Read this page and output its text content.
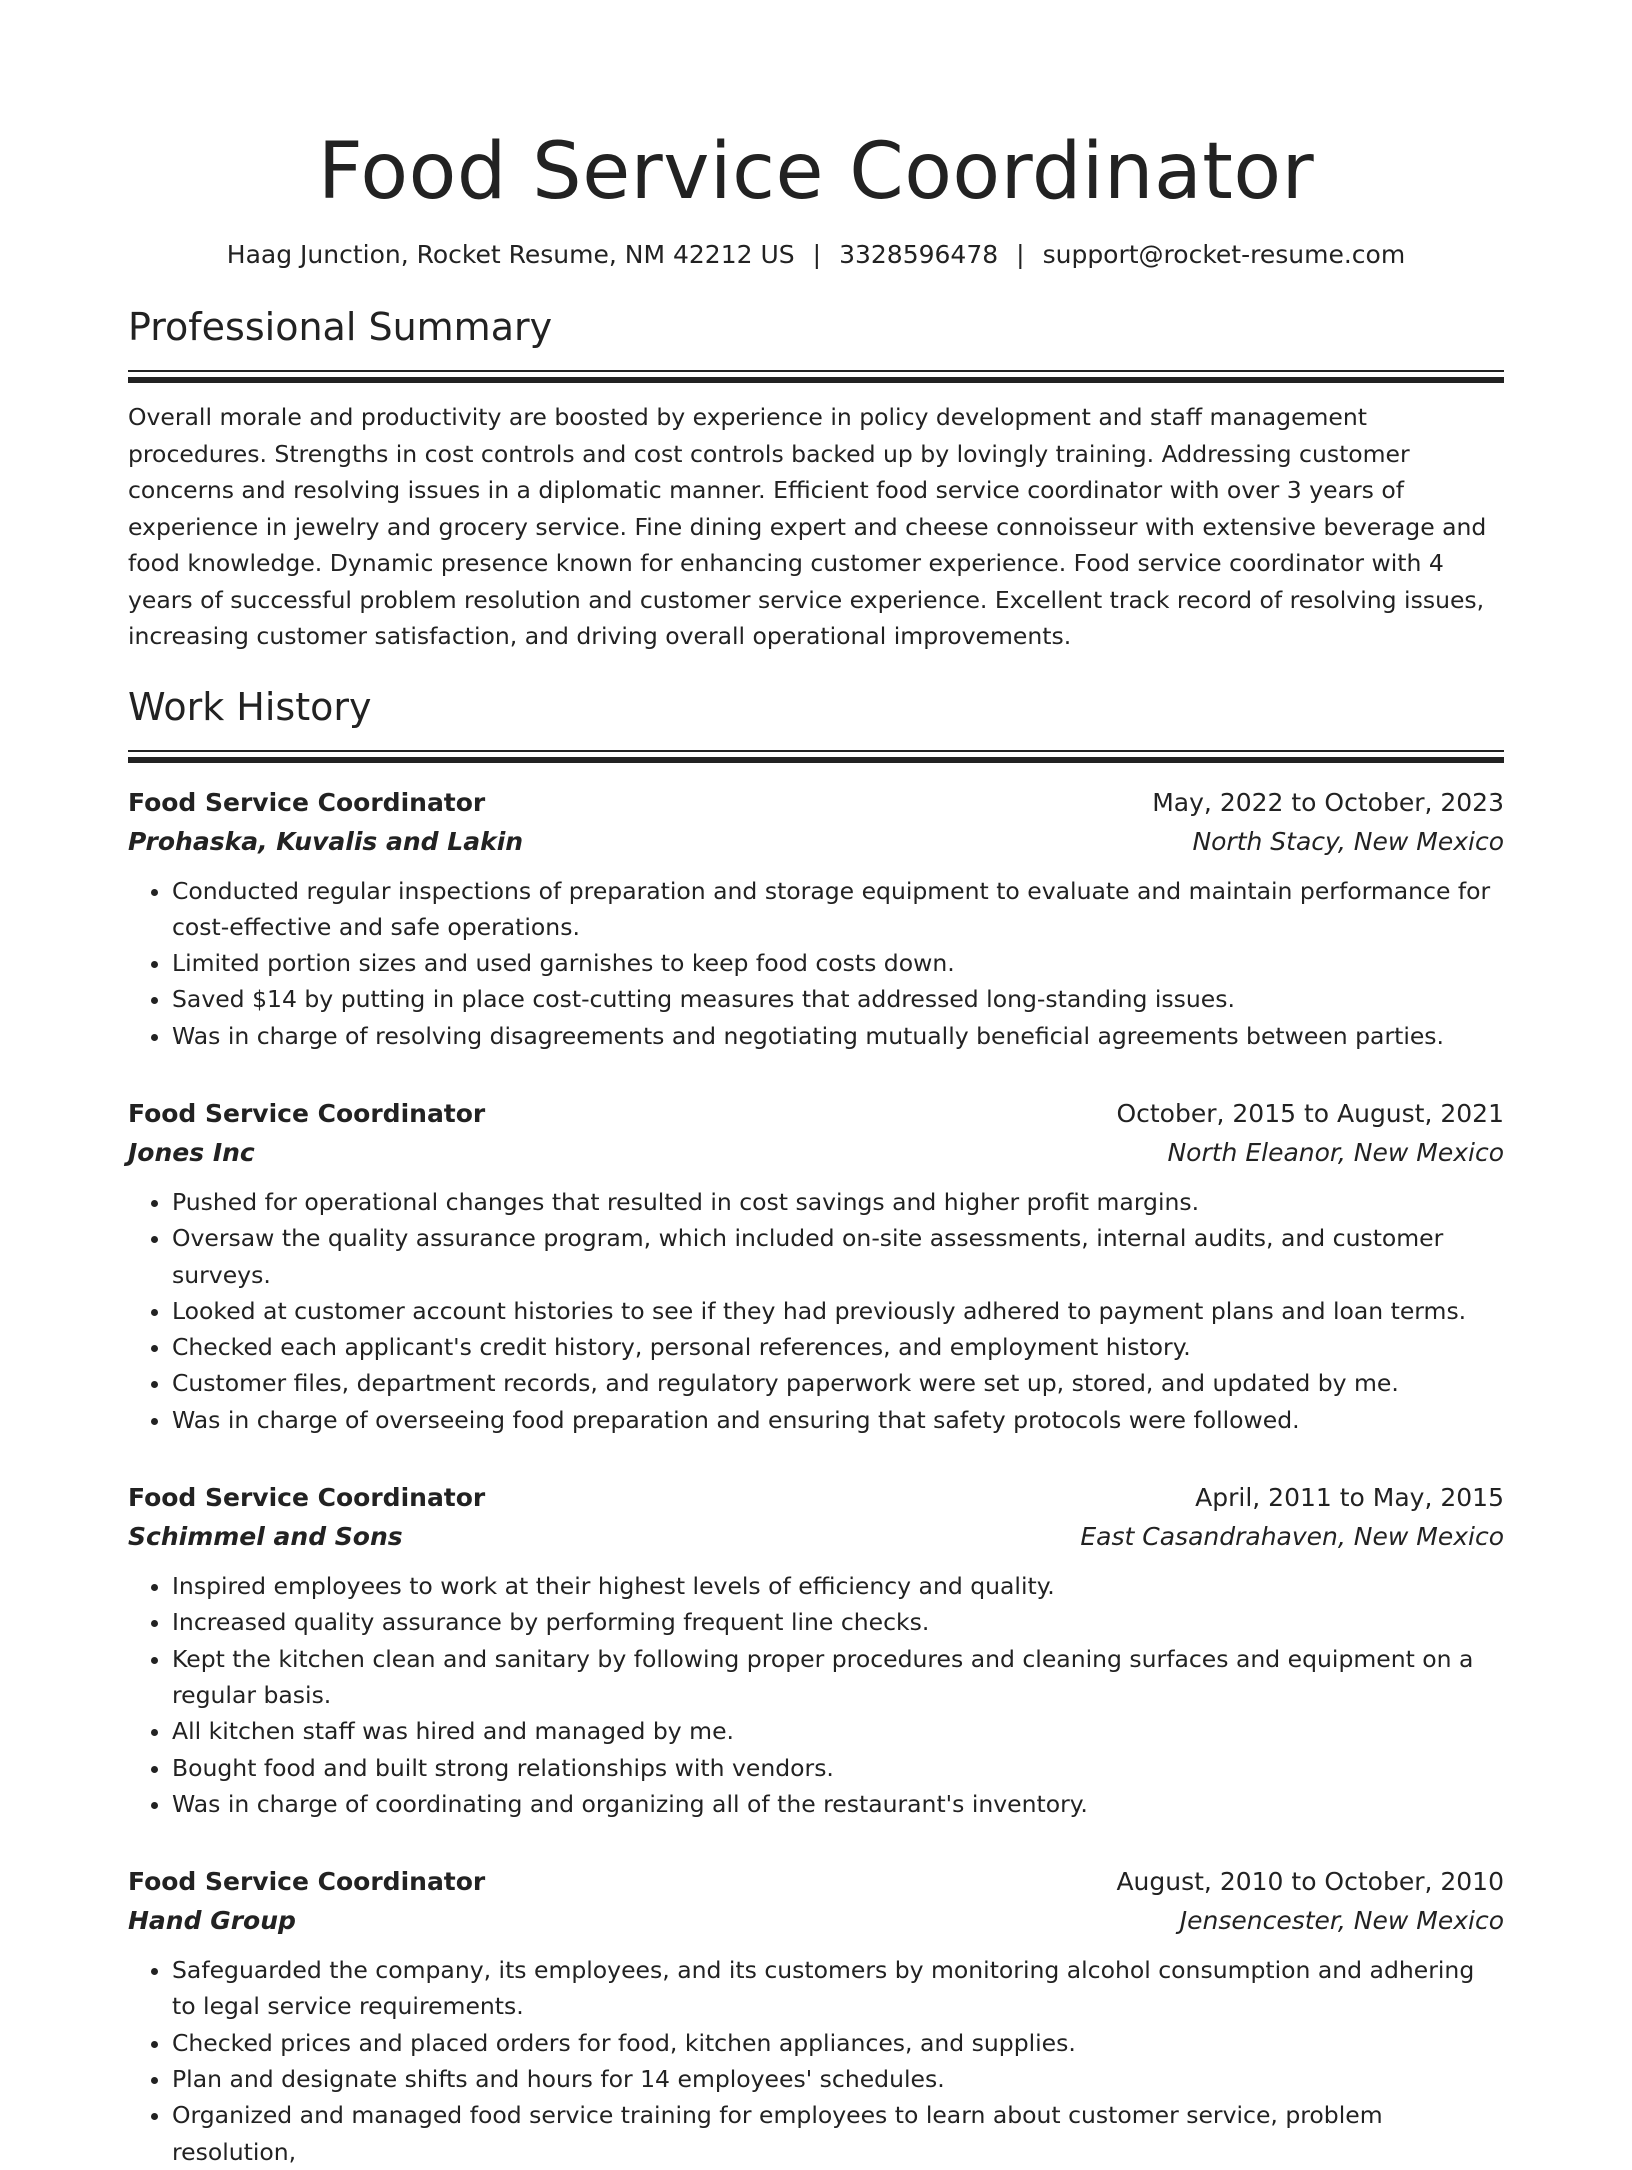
Food Service Coordinator
Haag Junction, Rocket Resume, NM 42212 US | 3328596478 | support@rocket-resume.com
Professional Summary

Overall morale and productivity are boosted by experience in policy development and staff management procedures. Strengths in cost controls and cost controls backed up by lovingly training. Addressing customer concerns and resolving issues in a diplomatic manner. Efficient food service coordinator with over 3 years of experience in jewelry and grocery service. Fine dining expert and cheese connoisseur with extensive beverage and food knowledge. Dynamic presence known for enhancing customer experience. Food service coordinator with 4 years of successful problem resolution and customer service experience. Excellent track record of resolving issues, increasing customer satisfaction, and driving overall operational improvements.

Work History
Food Service Coordinator	May, 2022 to October, 2023
Prohaska, Kuvalis and Lakin	North Stacy, New Mexico
• Conducted regular inspections of preparation and storage equipment to evaluate and maintain performance for cost-effective and safe operations.
• Limited portion sizes and used garnishes to keep food costs down.
• Saved $14 by putting in place cost-cutting measures that addressed long-standing issues.
• Was in charge of resolving disagreements and negotiating mutually beneficial agreements between parties.
Food Service Coordinator	October, 2015 to August, 2021
Jones Inc	North Eleanor, New Mexico
• Pushed for operational changes that resulted in cost savings and higher profit margins.
• Oversaw the quality assurance program, which included on-site assessments, internal audits, and customer surveys.
• Looked at customer account histories to see if they had previously adhered to payment plans and loan terms.
• Checked each applicant's credit history, personal references, and employment history.
• Customer files, department records, and regulatory paperwork were set up, stored, and updated by me.
• Was in charge of overseeing food preparation and ensuring that safety protocols were followed.
Food Service Coordinator	April, 2011 to May, 2015
Schimmel and Sons	East Casandrahaven, New Mexico
• Inspired employees to work at their highest levels of efficiency and quality.
• Increased quality assurance by performing frequent line checks.
• Kept the kitchen clean and sanitary by following proper procedures and cleaning surfaces and equipment on a regular basis.
• All kitchen staff was hired and managed by me.
• Bought food and built strong relationships with vendors.
• Was in charge of coordinating and organizing all of the restaurant's inventory.
Food Service Coordinator	August, 2010 to October, 2010
Hand Group	Jensencester, New Mexico
• Safeguarded the company, its employees, and its customers by monitoring alcohol consumption and adhering to legal service requirements.
• Checked prices and placed orders for food, kitchen appliances, and supplies.
• Plan and designate shifts and hours for 14 employees' schedules.
• Organized and managed food service training for employees to learn about customer service, problem resolution,
